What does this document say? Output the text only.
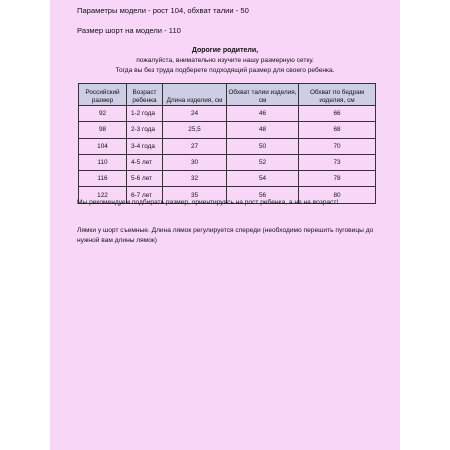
Параметры модели - рост 104, обхват талии - 50
Размер шорт на модели - 110
Дорогие родители,
пожалуйста, внимательно изучите нашу размерную сетку.
Тогда вы без труда подберете подходящий размер для своего ребенка.
Российский размер	Возраст ребенка	Длина изделия, см	Обхват талии изделия, см	Обхват по бедрам изделия, см
92	1-2 года	24	46	66
98	2-3 года	25,5	48	68
104	3-4 года	27	50	70
110	4-5 лет	30	52	73
116	5-6 лет	32	54	78
122	6-7 лет	35	56	80
Мы рекомендуем подбирать размер, ориентируясь на рост ребенка, а не на возраст!
Лямки у шорт съемные. Длина лямок регулируется спереди (необходимо перешить пуговицы до нужной вам длины лямок)
